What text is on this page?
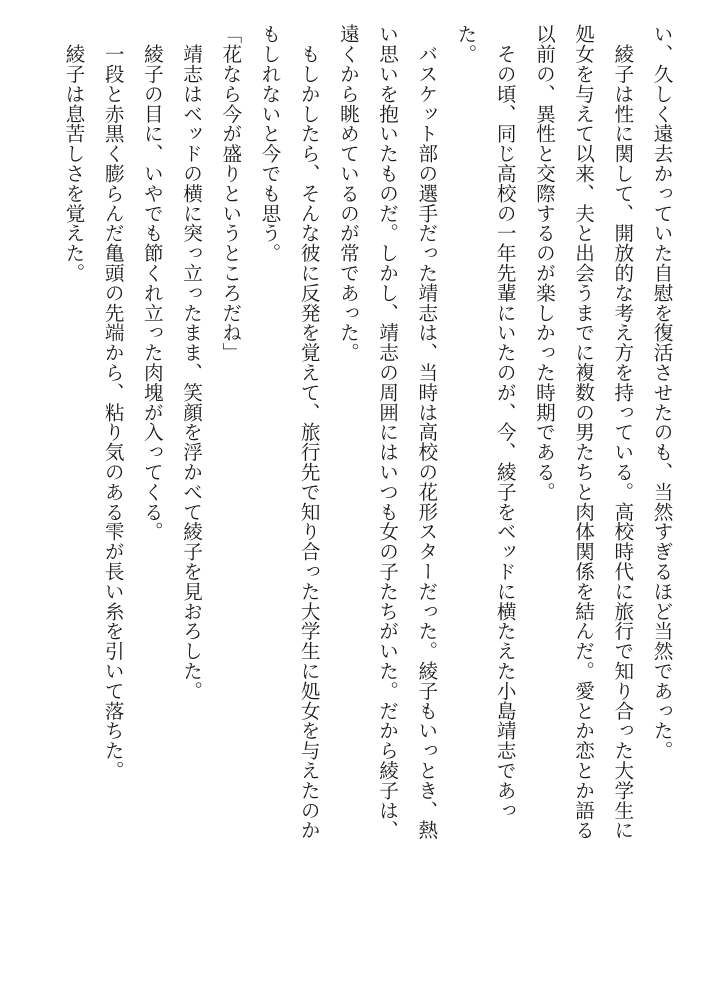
い、久しく遠去かっていた自慰を復活させたのも、当然すぎるほど当然であった。
　綾子は性に関して、開放的な考え方を持っている。高校時代に旅行で知り合った大学生に
処女を与えて以来、夫と出会うまでに複数の男たちと肉体関係を結んだ。愛とか恋とか語る
以前の、異性と交際するのが楽しかった時期である。
　その頃、同じ高校の一年先輩にいたのが、今、綾子をベッドに横たえた小島靖志であっ
た。
　バスケット部の選手だった靖志は、当時は高校の花形スターだった。綾子もいっとき、熱
い思いを抱いたものだ。しかし、靖志の周囲にはいつも女の子たちがいた。だから綾子は、
遠くから眺めているのが常であった。
　もしかしたら、そんな彼に反発を覚えて、旅行先で知り合った大学生に処女を与えたのか
もしれないと今でも思う。
「花なら今が盛りというところだね」
　靖志はベッドの横に突っ立ったまま、笑顔を浮かべて綾子を見おろした。
　綾子の目に、いやでも節くれ立った肉塊が入ってくる。
　一段と赤黒く膨らんだ亀頭の先端から、粘り気のある雫が長い糸を引いて落ちた。
　綾子は息苦しさを覚えた。
